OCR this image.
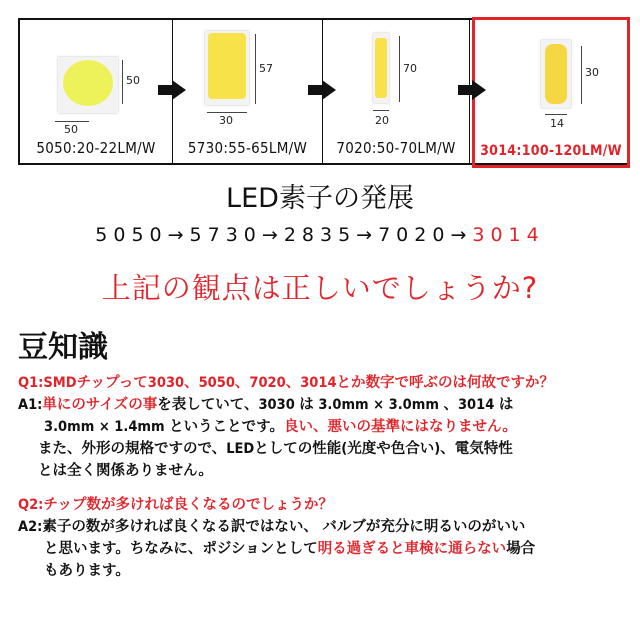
50
50
5050:20-22LM/W
57
30
5730:55-65LM/W
70
20
7020:50-70LM/W
30
14
3014:100-120LM/W
LED素子の発展
5050→5730→2835→7020→3014
上記の観点は正しいでしょうか?
豆知識
Q1:SMDチップって3030、5050、7020、3014とか数字で呼ぶのは何故ですか？
A1:単にのサイズの事を表していて、3030 は 3.0mm × 3.0mm 、3014 は
3.0mm × 1.4mm ということです。良い、悪いの基準にはなりません。
また、外形の規格ですので、LEDとしての性能(光度や色合い)、電気特性
とは全く関係ありません。
Q2:チップ数が多ければ良くなるのでしょうか？
A2:素子の数が多ければ良くなる訳ではない、 バルブが充分に明るいのがいい
と思います。ちなみに、ポジションとして明る過ぎると車検に通らない場合
もあります。
